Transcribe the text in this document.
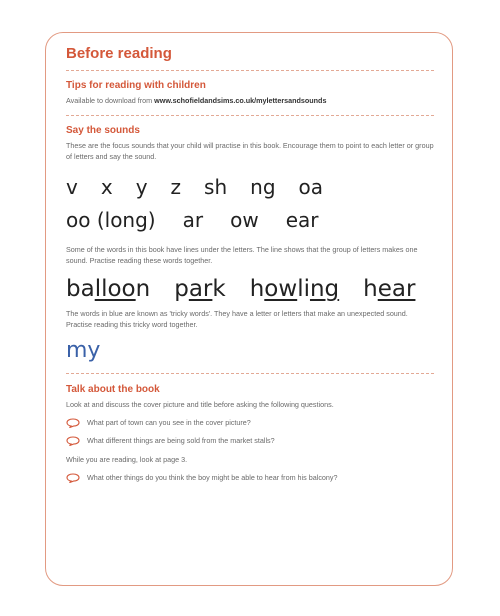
Before reading
Tips for reading with children

Available to download from www.schofieldandsims.co.uk/mylettersandsounds

Say the sounds

These are the focus sounds that your child will practise in this book. Encourage them to point to each letter or group of letters and say the sound.

v x y z sh ng oa
oo (long) ar ow ear

Some of the words in this book have lines under the letters. The line shows that the group of letters makes one sound. Practise reading these words together.

balloon park howling hear

The words in blue are known as 'tricky words'. They have a letter or letters that make an unexpected sound. Practise reading this tricky word together.

my
Talk about the book

Look at and discuss the cover picture and title before asking the following questions.

What part of town can you see in the cover picture?

What different things are being sold from the market stalls?

While you are reading, look at page 3.

What other things do you think the boy might be able to hear from his balcony?
